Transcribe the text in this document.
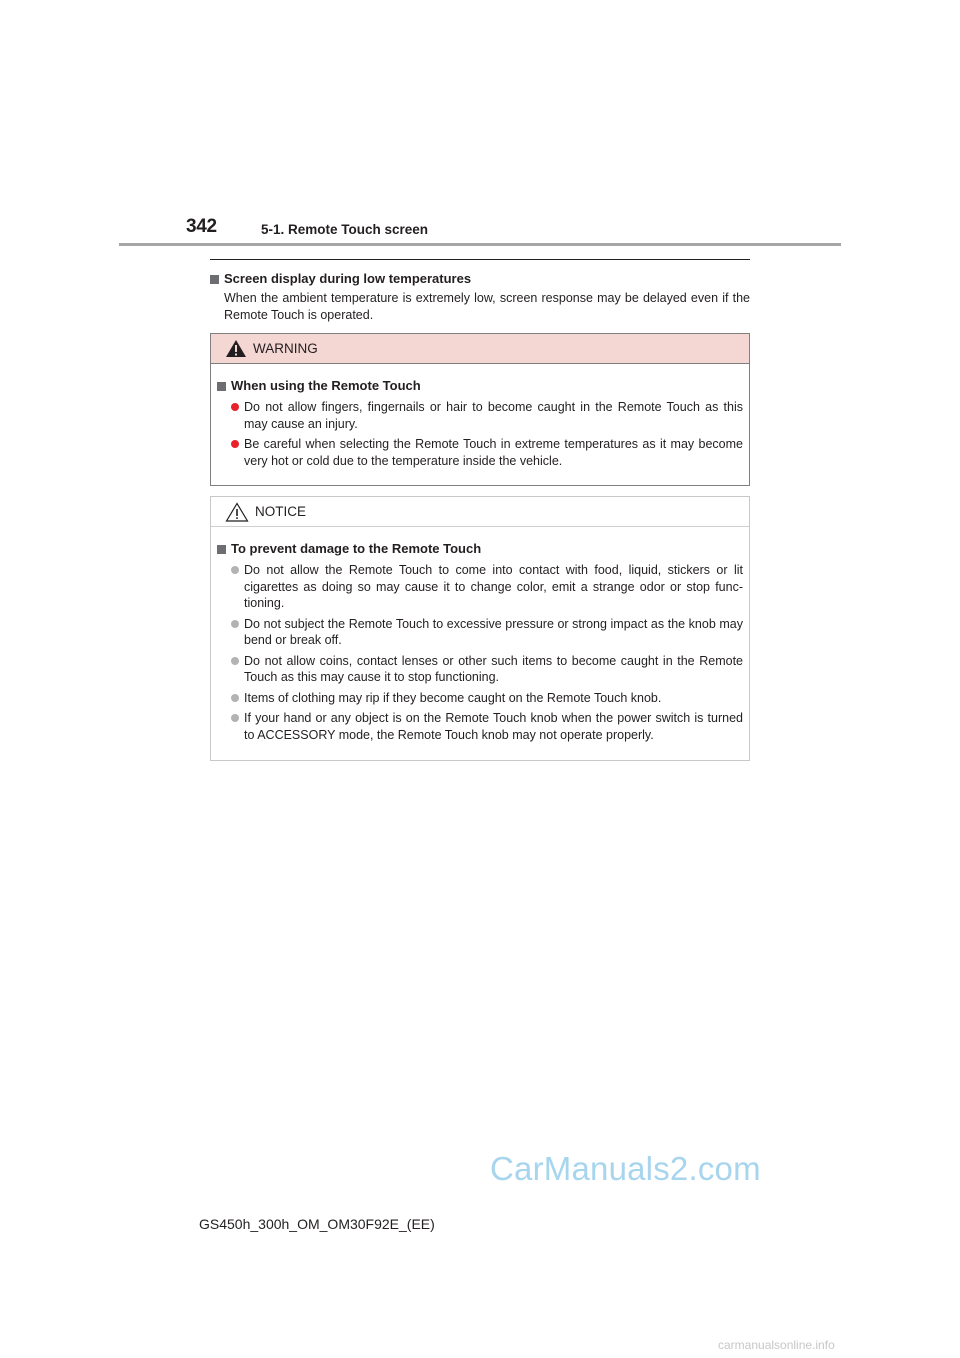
342	5-1. Remote Touch screen
Screen display during low temperatures
When the ambient temperature is extremely low, screen response may be delayed even if the Remote Touch is operated.
WARNING
When using the Remote Touch
Do not allow fingers, fingernails or hair to become caught in the Remote Touch as this may cause an injury.
Be careful when selecting the Remote Touch in extreme temperatures as it may become very hot or cold due to the temperature inside the vehicle.
NOTICE
To prevent damage to the Remote Touch
Do not allow the Remote Touch to come into contact with food, liquid, stickers or lit cigarettes as doing so may cause it to change color, emit a strange odor or stop func- tioning.
Do not subject the Remote Touch to excessive pressure or strong impact as the knob may bend or break off.
Do not allow coins, contact lenses or other such items to become caught in the Remote Touch as this may cause it to stop functioning.
Items of clothing may rip if they become caught on the Remote Touch knob.
If your hand or any object is on the Remote Touch knob when the power switch is turned to ACCESSORY mode, the Remote Touch knob may not operate properly.
CarManuals2.com
GS450h_300h_OM_OM30F92E_(EE)
carmanualsonline.info
